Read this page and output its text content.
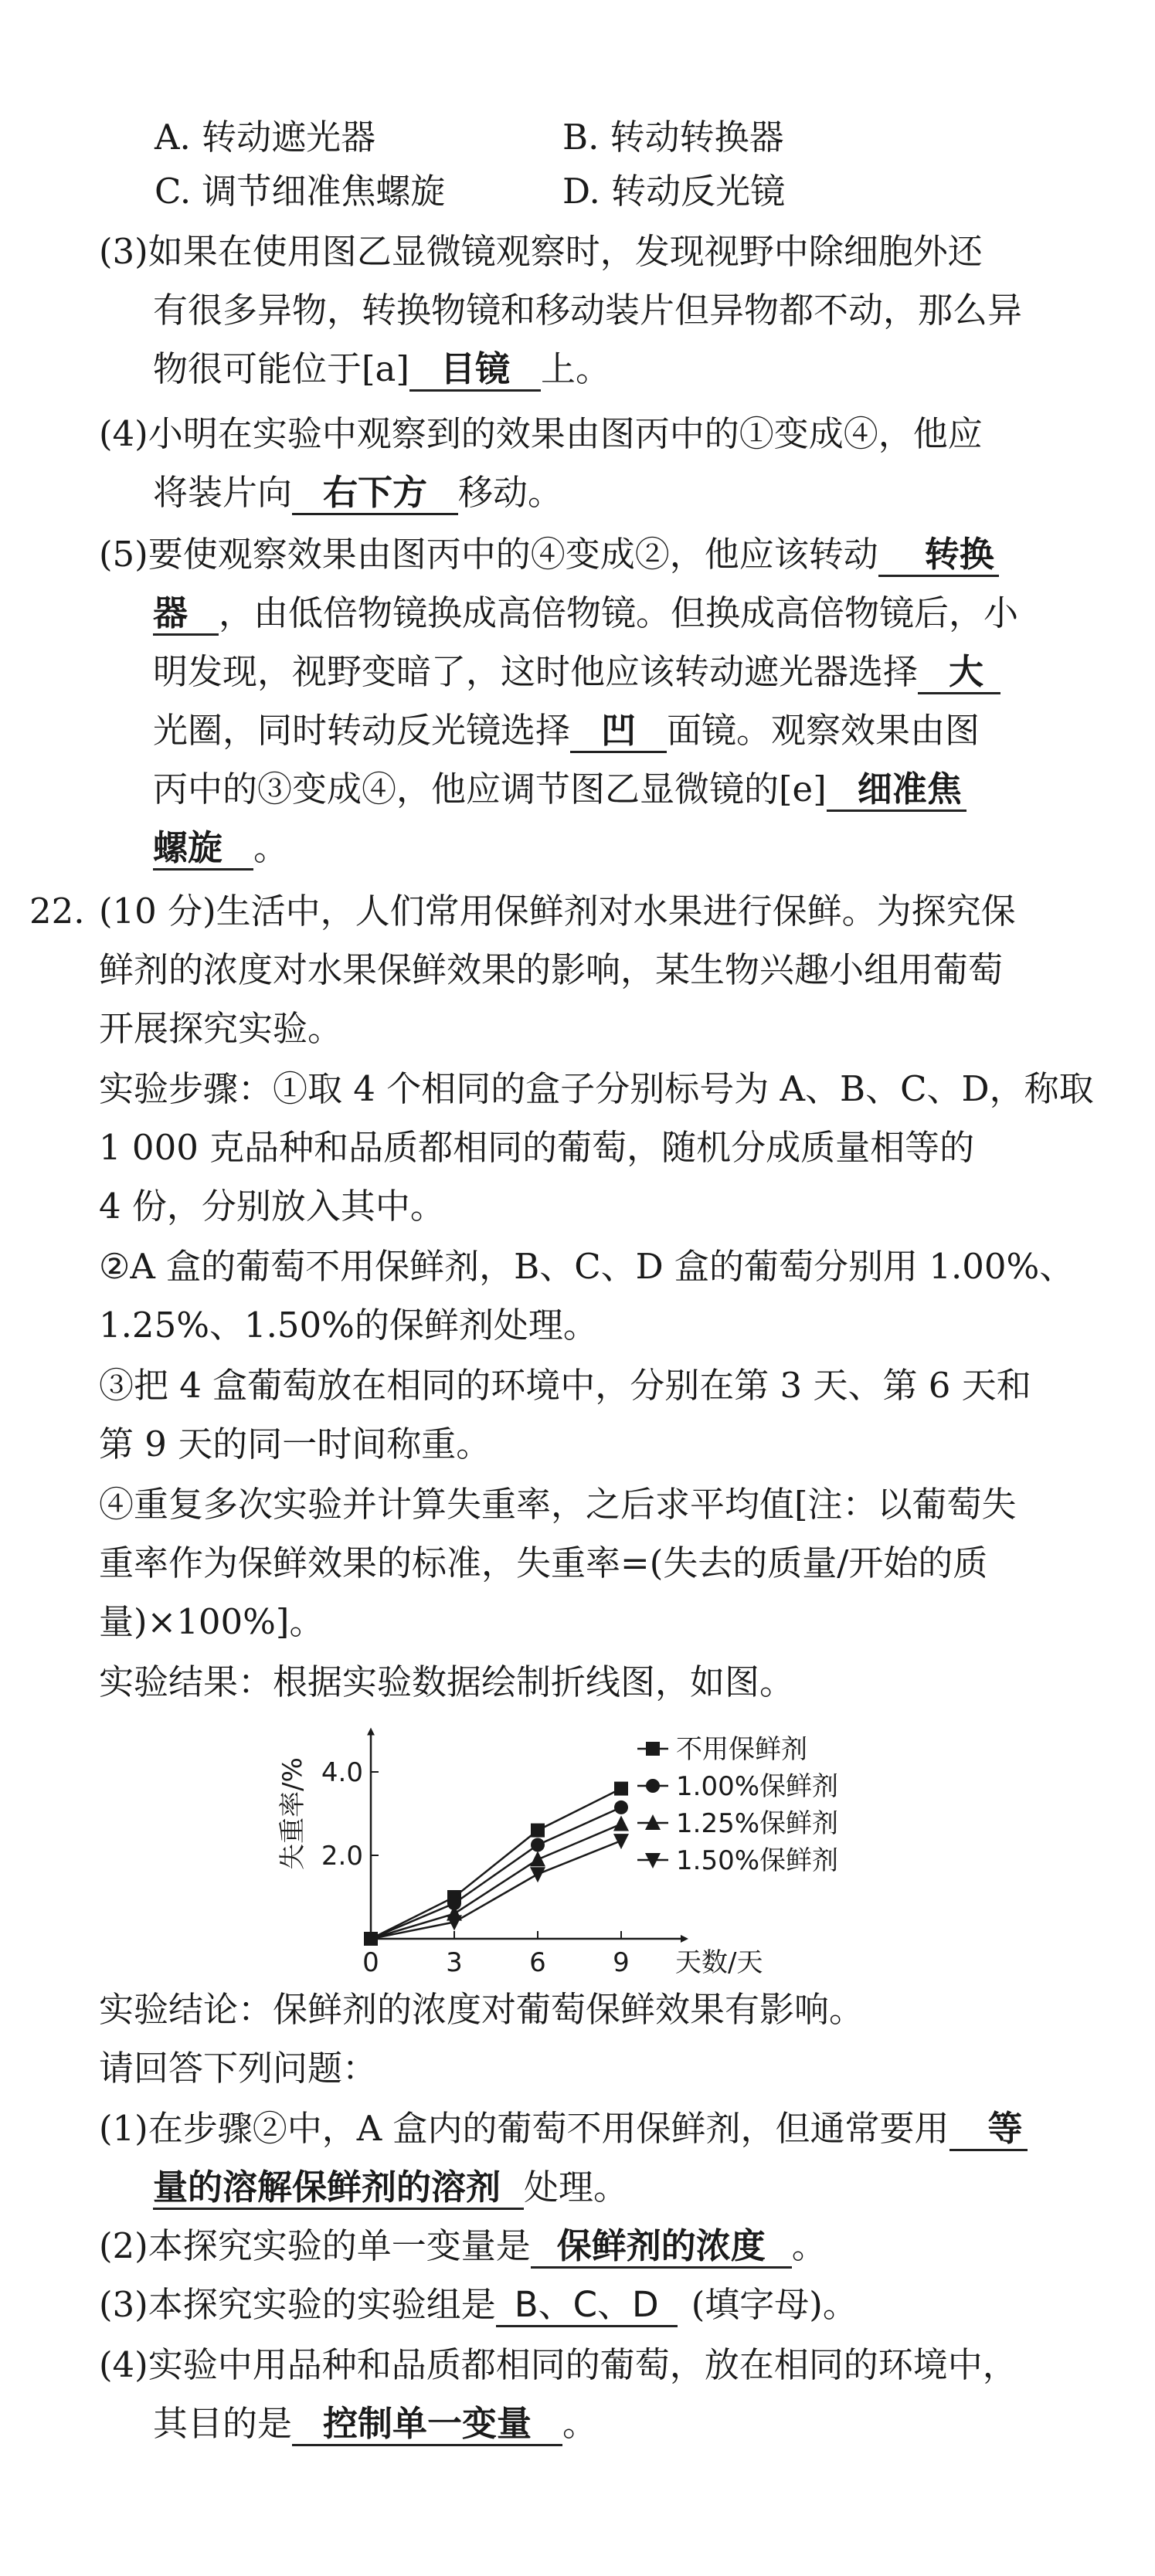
A. 转动遮光器	B. 转动转换器
C. 调节细准焦螺旋	D. 转动反光镜
(3)如果在使用图乙显微镜观察时，发现视野中除细胞外还
有很多异物，转换物镜和移动装片但异物都不动，那么异
物很可能位于[a] 目镜 上。
(4)小明在实验中观察到的效果由图丙中的①变成④，他应
将装片向 右下方 移动。
(5)要使观察效果由图丙中的④变成②，他应该转动 转换
器 ，由低倍物镜换成高倍物镜。但换成高倍物镜后，小
明发现，视野变暗了，这时他应该转动遮光器选择 大
光圈，同时转动反光镜选择 凹 面镜。观察效果由图
丙中的③变成④，他应调节图乙显微镜的[e] 细准焦
螺旋 。
22. (10 分)生活中，人们常用保鲜剂对水果进行保鲜。为探究保
鲜剂的浓度对水果保鲜效果的影响，某生物兴趣小组用葡萄
开展探究实验。
实验步骤：①取 4 个相同的盒子分别标号为 A、B、C、D，称取
1 000 克品种和品质都相同的葡萄，随机分成质量相等的
4 份，分别放入其中。
②A 盒的葡萄不用保鲜剂，B、C、D 盒的葡萄分别用 1.00%、
1.25%、1.50%的保鲜剂处理。
③把 4 盒葡萄放在相同的环境中，分别在第 3 天、第 6 天和
第 9 天的同一时间称重。
④重复多次实验并计算失重率，之后求平均值[注：以葡萄失
重率作为保鲜效果的标准，失重率=(失去的质量/开始的质
量)×100%]。
实验结果：根据实验数据绘制折线图，如图。
0	3	6	9 天数/天
2.0
4.0
失重率/%
不用保鲜剂
1.00%保鲜剂
1.25%保鲜剂
1.50%保鲜剂
实验结论：保鲜剂的浓度对葡萄保鲜效果有影响。
请回答下列问题：
(1)在步骤②中，A 盒内的葡萄不用保鲜剂，但通常要用 等
量的溶解保鲜剂的溶剂 处理。
(2)本探究实验的单一变量是 保鲜剂的浓度 。
(3)本探究实验的实验组是 B、C、D (填字母)。
(4)实验中用品种和品质都相同的葡萄，放在相同的环境中，
其目的是 控制单一变量 。
